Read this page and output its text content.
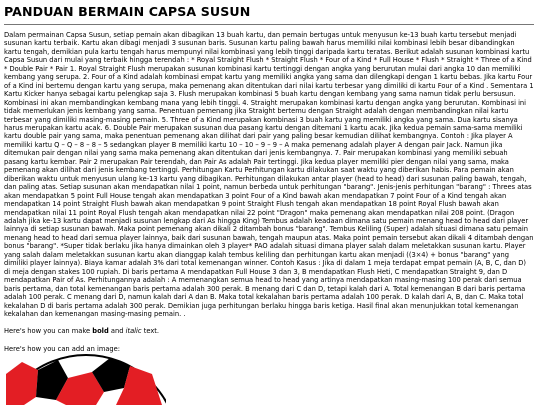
PANDUAN BERMAIN CAPSA SUSUN

Dalam permainan Capsa Susun, setiap pemain akan dibagikan 13 buah kartu, dan pemain bertugas untuk menyusun ke-13 buah kartu tersebut menjadi susunan kartu terbaik. Kartu akan dibagi menjadi 3 susunan baris. Susunan kartu paling bawah harus memiliki nilai kombinasi lebih besar dibandingkan kartu tengah, demikian pula kartu tengah harus mempunyi nilai kombinasi yang lebih tinggi daripada kartu teratas. Berikut adalah susunan kombinasi kartu Capsa Susun dari mulai yang terbaik hingga terendah : * Royal Straight Flush * Straight Flush * Four of a Kind * Full House * Flush * Straight * Three of a Kind * Double Pair * Pair 1. Royal Straight Flush merupakan susunan kombinasi kartu tertinggi dengan angka yang berurutan mulai dari angka 10 dan memiliki kembang yang serupa. 2. Four of a Kind adalah kombinasi empat kartu yang memiliki angka yang sama dan dilengkapi dengan 1 kartu bebas. Jika kartu Four of a Kind ini bertemu dengan kartu yang serupa, maka pemenang akan ditentukan dari nilai kartu terbesar yang dimiliki di kartu Four of a Kind . Sementara 1 Kartu Kicker hanya sebagai kartu pelengkap saja 3. Flush merupakan kombinasi 5 buah kartu dengan kembang yang sama namun tidak perlu bersusun. Kombinasi ini akan membandingkan kembang mana yang lebih tinggi. 4. Straight merupakan kombinasi kartu dengan angka yang berurutan. Kombinasi ini tidak memerlukan jenis kembang yang sama. Penentuan pemenang jika Straight bertemu dengan Straight adalah dengan membandingkan nilai kartu terbesar yang dimiliki masing-masing pemain. 5. Three of a Kind merupakan kombinasi 3 buah kartu yang memiliki angka yang sama. Dua kartu sisanya harus merupakan kartu acak. 6. Double Pair merupakan susunan dua pasang kartu dengan ditemani 1 kartu acak. Jika kedua pemain sama-sama memiliki kartu double pair yang sama, maka penentuan pemenang akan dilihat dari pair yang paling besar kemudian dilihat kembangnya. Contoh : Jika player A memiliki kartu Q – Q – 8 – 8 – 5 sedangkan player B memiliki kartu 10 – 10 – 9 – 9 – A maka pemenang adalah player A dengan pair Jack. Namun jika ditemukan pair dengan nilai yang sama maka pemenang akan ditentukan dari jenis kembangnya. 7. Pair merupakan kombinasi yang memiliki sebuah pasang kartu kembar. Pair 2 merupakan Pair terendah, dan Pair As adalah Pair tertinggi. Jika kedua player memiliki pier dengan nilai yang sama, maka pemenang akan dilihat dari jenis kembang tertinggi. Perhitungan Kartu Perhitungan kartu dilakukan saat waktu yang diberikan habis. Para pemain akan diberikan waktu untuk menyusun ulang ke-13 kartu yang dibagikan. Perhitungan dilakukan antar player (head to head) dari susunan paling bawah, tengah, dan paling atas. Setiap susunan akan mendapatkan nilai 1 point, namun berbeda untuk perhitungan "barang". Jenis-jenis perhitungan "barang" : Threes atas akan mendapatkan 5 point Full House tengah akan mendapatkan 3 point Four of a Kind bawah akan mendapatkan 7 point Four of a Kind tengah akan mendapatkan 14 point Straight Flush bawah akan mendapatkan 9 point Straight Flush tengah akan mendapatkan 18 point Royal Flush bawah akan mendapatkan nilai 11 point Royal Flush tengah akan mendapatkan nilai 22 point "Dragon" maka pemenang akan mendapatkan nilai 208 point. (Dragon adalah jika ke-13 kartu dapat menjadi susunan lengkap dari As hingga King) Tembus adalah keadaan dimana satu pemain menang head to head dari player lainnya di setiap susunan bawah. Maka point pemenang akan dikali 2 ditambah bonus "barang". Tembus Keliling (Super) adalah situasi dimana satu pemain menang head to head dari semua player lainnya, baik dari susunan bawah, tengah maupun atas. Maka point pemain tersebut akan dikali 4 ditambah dengan bonus "barang". *Super tidak berlaku jika hanya dimainkan oleh 3 player* PAO adalah situasi dimana player salah dalam meletakkan susunan kartu. Player yang salah dalam meletakkan susunan kartu akan dianggap kalah tembus keliling dan perhitungan kartu akan menjadi ((3×4) + bonus "barang" yang dimiliki player lainnya). Biaya kamar adalah 3% dari total kemenangan winner. Contoh Kasus : Jika di dalam 1 meja terdapat empat pemain (A, B, C, dan D) di meja dengan stakes 100 rupiah. Di baris pertama A mendapatkan Full House 3 dan 3, B mendapatkan Flush Heti, C mendapatkan Straight 9, dan D mendapatkan Pair of As. Perhitungannya adalah : A memenangkan semua head to head yang artinya mendapatkan masing-masing 100 perak dari semua baris pertama, dan total kemenangan baris pertama adalah 300 perak. B menang dari C dan D, tetapi kalah dari A. Total kemenangan B dari baris pertama adalah 100 perak. C menang dari D, namun kalah dari A dan B. Maka total kekalahan baris pertama adalah 100 perak. D kalah dari A, B, dan C. Maka total kekalahan D di baris pertama adalah 300 perak. Demikian juga perhitungan berlaku hingga baris ketiga. Hasil final akan menunjukkan total kemenangan kekalahan dan kemenangan masing-masing pemain. .

Here's how you can make bold and italic text.

Here's how you can add an image:
